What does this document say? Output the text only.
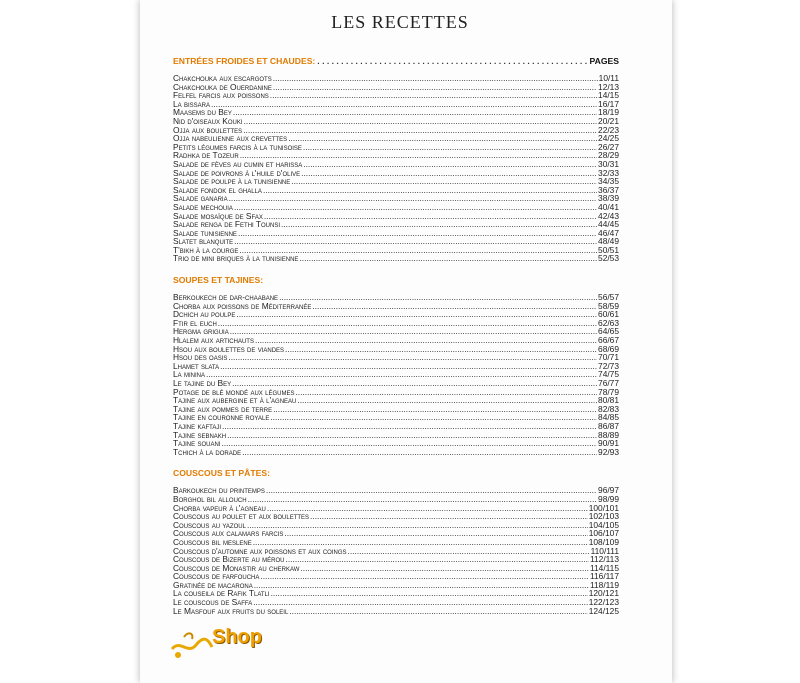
LES RECETTES
ENTRÉES FROIDES ET CHAUDES: . . .	PAGES
Chakchouka aux escargots .....	10/11
Chakchouka de Ouerdanine .....	12/13
Felfel farcis aux poissons .....	14/15
La bissara .....	16/17
Maasems du Bey .....	18/19
Nid d'oiseaux Kouki .....	20/21
Ojja aux boulettes .....	22/23
Ojja nabeulienne aux crevettes .....	24/25
Petits légumes farcis à la tunisoise .....	26/27
Radhka de Tozeur .....	28/29
Salade de fèves au cumin et harissa .....	30/31
Salade de poivrons à l'huile d'olive .....	32/33
Salade de poulpe à la tunisienne .....	34/35
Salade fondok el ghalla .....	36/37
Salade ganaria .....	38/39
Salade mechouia .....	40/41
Salade mosaïque de Sfax .....	42/43
Salade renga de Fethi Tounsi .....	44/45
Salade tunisienne .....	46/47
Slatet blanquite .....	48/49
T'bikh à la courge .....	50/51
Trio de mini briques à la tunisienne .....	52/53
SOUPES ET TAJINES:
Berkoukech de dar-chaabane .....	56/57
Chorba aux poissons de Méditerranée .....	58/59
Dchich au poulpe .....	60/61
Ftir el euch .....	62/63
Hergma griguia .....	64/65
Hlalem aux artichauts .....	66/67
Hsou aux boulettes de viandes .....	68/69
Hsou des oasis .....	70/71
Lhamet slata .....	72/73
La minina .....	74/75
Le tajine du Bey .....	76/77
Potage de blé mondé aux légumes .....	78/79
Tajine aux aubergine et à l'agneau .....	80/81
Tajine aux pommes de terre .....	82/83
Tajine en couronne royale .....	84/85
Tajine kaftaji .....	86/87
Tajine sebnakh .....	88/89
Tajine souani .....	90/91
Tchich à la dorade .....	92/93
COUSCOUS ET PÂTES:
Barkoukech du printemps .....	96/97
Borghol bil allouch .....	98/99
Chorba vapeur à l'agneau .....	100/101
Couscous au poulet et aux boulettes .....	102/103
Couscous au yazoul .....	104/105
Couscous aux calamars farcis .....	106/107
Couscous bil meslene .....	108/109
Couscous d'automne aux poissons et aux coings .....	110/111
Couscous de Bizerte au mérou .....	112/113
Couscous de Monastir au cherkaw .....	114/115
Couscous de farfoucha .....	116/117
Gratinée de macarona .....	118/119
La couseila de Rafik Tlatli .....	120/121
Le couscous de Saffa .....	122/123
Le Masfouf aux fruits du soleil .....	124/125
Shop
